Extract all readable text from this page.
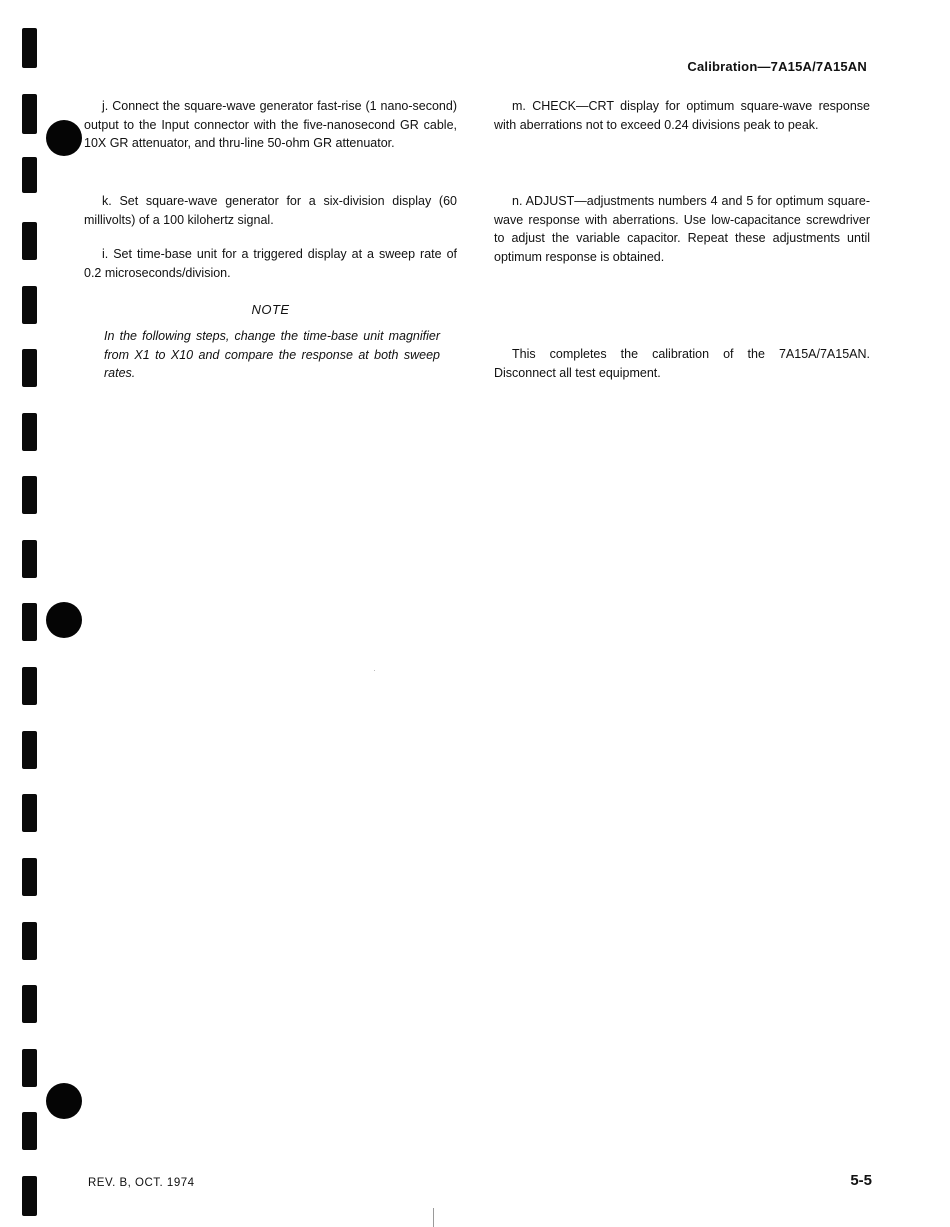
Calibration—7A15A/7A15AN

j. Connect the square-wave generator fast-rise (1 nano-second) output to the Input connector with the five-nanosecond GR cable, 10X GR attenuator, and thru-line 50-ohm GR attenuator.

k. Set square-wave generator for a six-division display (60 millivolts) of a 100 kilohertz signal.

i. Set time-base unit for a triggered display at a sweep rate of 0.2 microseconds/division.

NOTE

In the following steps, change the time-base unit magnifier from X1 to X10 and compare the response at both sweep rates.

m. CHECK—CRT display for optimum square-wave response with aberrations not to exceed 0.24 divisions peak to peak.

n. ADJUST—adjustments numbers 4 and 5 for optimum square-wave response with aberrations. Use low-capacitance screwdriver to adjust the variable capacitor. Repeat these adjustments until optimum response is obtained.

This completes the calibration of the 7A15A/7A15AN. Disconnect all test equipment.

REV. B, OCT. 1974	5-5
